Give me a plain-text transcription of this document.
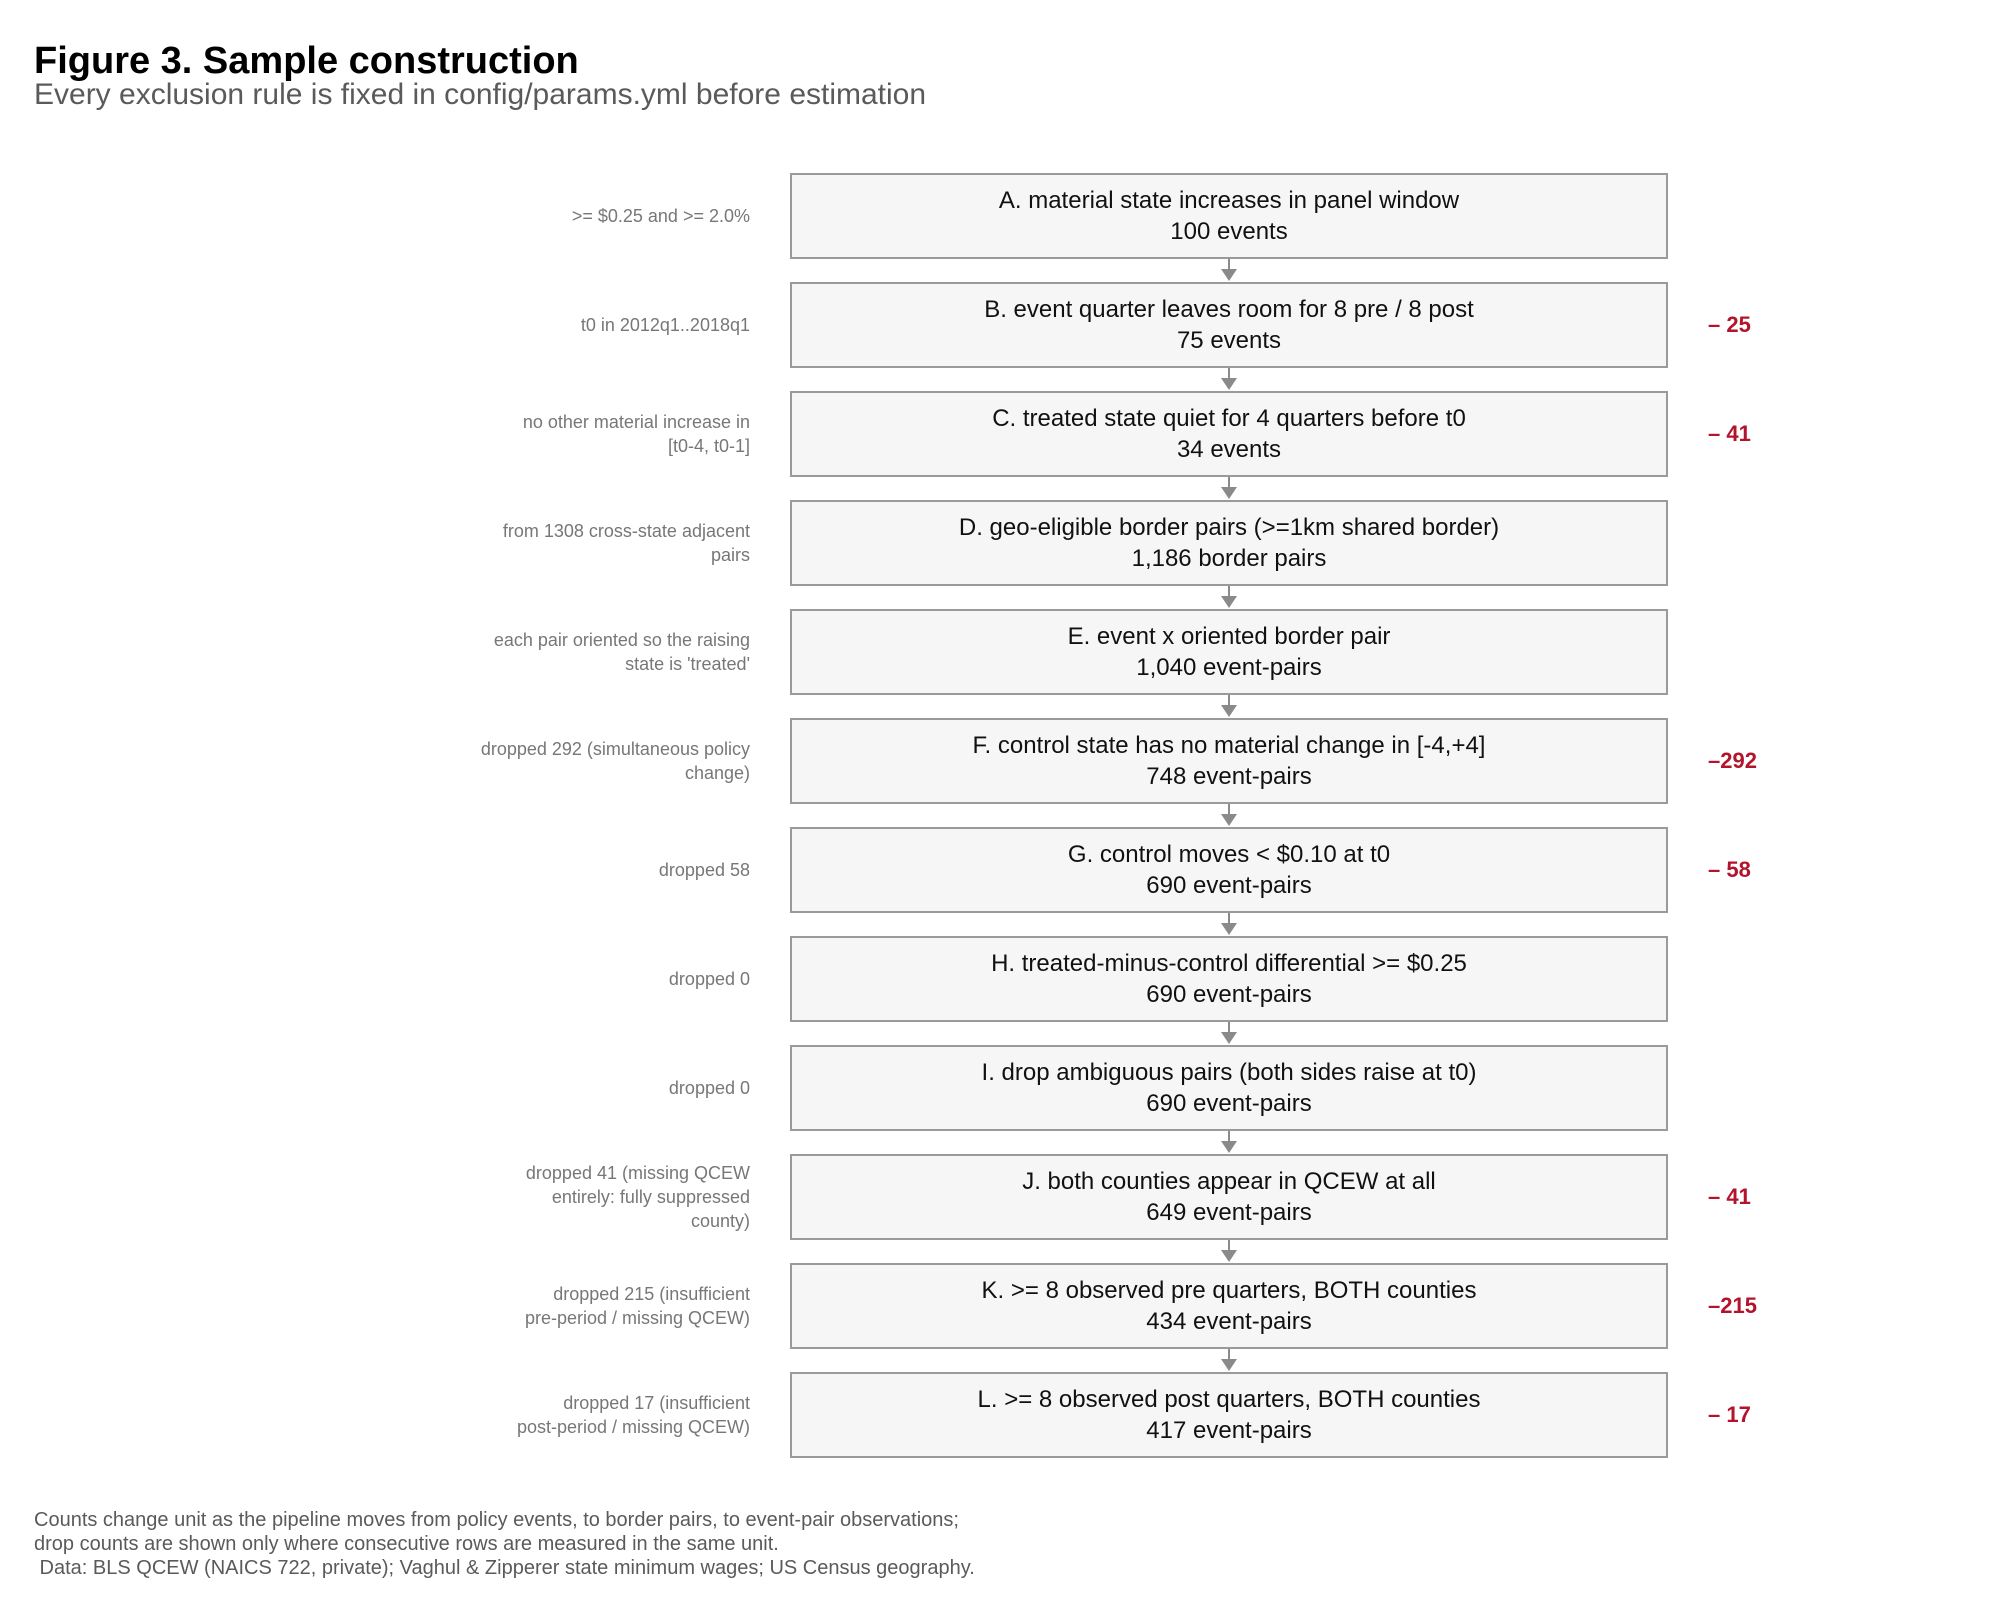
Figure 3. Sample construction
Every exclusion rule is fixed in config/params.yml before estimation
>= $0.25 and >= 2.0%
A. material state increases in panel window
100 events
t0 in 2012q1..2018q1
B. event quarter leaves room for 8 pre / 8 post
75 events
– 25
no other material increase in
[t0-4, t0-1]
C. treated state quiet for 4 quarters before t0
34 events
– 41
from 1308 cross-state adjacent
pairs
D. geo-eligible border pairs (>=1km shared border)
1,186 border pairs
each pair oriented so the raising
state is 'treated'
E. event x oriented border pair
1,040 event-pairs
dropped 292 (simultaneous policy
change)
F. control state has no material change in [-4,+4]
748 event-pairs
–292
dropped 58
G. control moves < $0.10 at t0
690 event-pairs
– 58
dropped 0
H. treated-minus-control differential >= $0.25
690 event-pairs
dropped 0
I. drop ambiguous pairs (both sides raise at t0)
690 event-pairs
dropped 41 (missing QCEW
entirely: fully suppressed
county)
J. both counties appear in QCEW at all
649 event-pairs
– 41
dropped 215 (insufficient
pre-period / missing QCEW)
K. >= 8 observed pre quarters, BOTH counties
434 event-pairs
–215
dropped 17 (insufficient
post-period / missing QCEW)
L. >= 8 observed post quarters, BOTH counties
417 event-pairs
– 17
Counts change unit as the pipeline moves from policy events, to border pairs, to event-pair observations;
drop counts are shown only where consecutive rows are measured in the same unit.
Data: BLS QCEW (NAICS 722, private); Vaghul & Zipperer state minimum wages; US Census geography.
